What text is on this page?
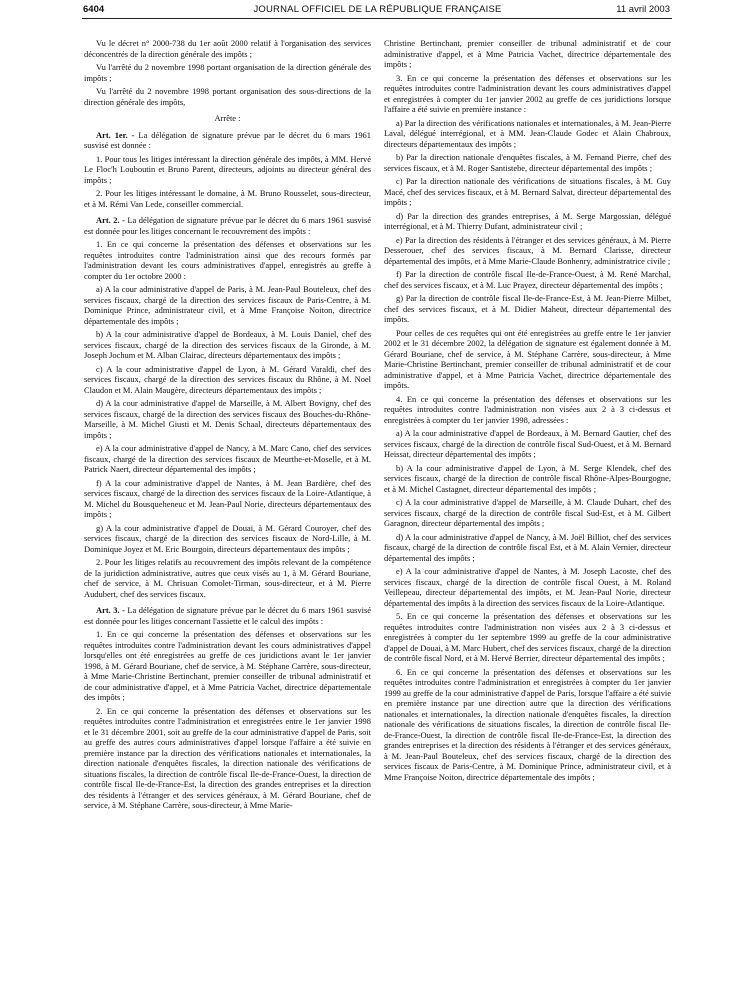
6404	JOURNAL OFFICIEL DE LA RÉPUBLIQUE FRANÇAISE	11 avril 2003

Vu le décret n° 2000-738 du 1er août 2000 relatif à l'organisation des services déconcentrés de la direction générale des impôts ;

Vu l'arrêté du 2 novembre 1998 portant organisation de la direction générale des impôts ;

Vu l'arrêté du 2 novembre 1998 portant organisation des sous-directions de la direction générale des impôts,

Arrête :

Art. 1er. - La délégation de signature prévue par le décret du 6 mars 1961 susvisé est donnée :

1. Pour tous les litiges intéressant la direction générale des impôts, à MM. Hervé Le Floc'h Louboutin et Bruno Parent, directeurs, adjoints au directeur général des impôts ;

2. Pour les litiges intéressant le domaine, à M. Bruno Rousselet, sous-directeur, et à M. Rémi Van Lede, conseiller commercial.

Art. 2. - La délégation de signature prévue par le décret du 6 mars 1961 susvisé est donnée pour les litiges concernant le recouvrement des impôts :

1. En ce qui concerne la présentation des défenses et observations sur les requêtes introduites contre l'administration ainsi que des recours formés par l'administration devant les cours administratives d'appel, enregistrés au greffe à compter du 1er octobre 2000 :

a) A la cour administrative d'appel de Paris, à M. Jean-Paul Bouteleux, chef des services fiscaux, chargé de la direction des services fiscaux de Paris-Centre, à M. Dominique Prince, administrateur civil, et à Mme Françoise Noiton, directrice départementale des impôts ;

b) A la cour administrative d'appel de Bordeaux, à M. Louis Daniel, chef des services fiscaux, chargé de la direction des services fiscaux de la Gironde, à M. Joseph Jochum et M. Alban Clairac, directeurs départementaux des impôts ;

c) A la cour administrative d'appel de Lyon, à M. Gérard Varaldi, chef des services fiscaux, chargé de la direction des services fiscaux du Rhône, à M. Noel Claudon et M. Alain Maugère, directeurs départementaux des impôts ;

d) A la cour administrative d'appel de Marseille, à M. Albert Bovigny, chef des services fiscaux, chargé de la direction des services fiscaux des Bouches-du-Rhône-Marseille, à M. Michel Giusti et M. Denis Schaal, directeurs départementaux des impôts ;

e) A la cour administrative d'appel de Nancy, à M. Marc Cano, chef des services fiscaux, chargé de la direction des services fiscaux de Meurthe-et-Moselle, et à M. Patrick Naert, directeur départemental des impôts ;

f) A la cour administrative d'appel de Nantes, à M. Jean Bardière, chef des services fiscaux, chargé de la direction des services fiscaux de la Loire-Atlantique, à M. Michel du Bousqueheneuc et M. Jean-Paul Norie, directeurs départementaux des impôts ;

g) A la cour administrative d'appel de Douai, à M. Gérard Couroyer, chef des services fiscaux, chargé de la direction des services fiscaux de Nord-Lille, à M. Dominique Joyez et M. Eric Bourgoin, directeurs départementaux des impôts ;

2. Pour les litiges relatifs au recouvrement des impôts relevant de la compétence de la juridiction administrative, autres que ceux visés au 1, à M. Gérard Bouriane, chef de service, à M. Chrisuan Comolet-Tirman, sous-directeur, et à M. Pierre Audubert, chef des services fiscaux.

Art. 3. - La délégation de signature prévue par le décret du 6 mars 1961 susvisé est donnée pour les litiges concernant l'assiette et le calcul des impôts :

1. En ce qui concerne la présentation des défenses et observations sur les requêtes introduites contre l'administration devant les cours administratives d'appel lorsqu'elles ont été enregistrées au greffe de ces juridictions avant le 1er janvier 1998, à M. Gérard Bouriane, chef de service, à M. Stéphane Carrère, sous-directeur, à Mme Marie-Christine Bertinchant, premier conseiller de tribunal administratif et de cour administrative d'appel, et à Mme Patricia Vachet, directrice départementale des impôts ;

2. En ce qui concerne la présentation des défenses et observations sur les requêtes introduites contre l'administration et enregistrées entre le 1er janvier 1998 et le 31 décembre 2001, soit au greffe de la cour administrative d'appel de Paris, soit au greffe des autres cours administratives d'appel lorsque l'affaire a été suivie en première instance par la direction des vérifications nationales et internationales, la direction nationale d'enquêtes fiscales, la direction nationale des vérifications de situations fiscales, la direction de contrôle fiscal Ile-de-France-Ouest, la direction de contrôle fiscal Ile-de-France-Est, la direction des grandes entreprises et la direction des résidents à l'étranger et des services généraux, à M. Gérard Bouriane, chef de service, à M. Stéphane Carrère, sous-directeur, à Mme Marie-

Christine Bertinchant, premier conseiller de tribunal administratif et de cour administrative d'appel, et à Mme Patricia Vachet, directrice départementale des impôts ;

3. En ce qui concerne la présentation des défenses et observations sur les requêtes introduites contre l'administration devant les cours administratives d'appel et enregistrées à compter du 1er janvier 2002 au greffe de ces juridictions lorsque l'affaire a été suivie en première instance :

a) Par la direction des vérifications nationales et internationales, à M. Jean-Pierre Laval, délégué interrégional, et à MM. Jean-Claude Godec et Alain Chabroux, directeurs départementaux des impôts ;

b) Par la direction nationale d'enquêtes fiscales, à M. Fernand Pierre, chef des services fiscaux, et à M. Roger Santistebe, directeur départemental des impôts ;

c) Par la direction nationale des vérifications de situations fiscales, à M. Guy Macé, chef des services fiscaux, et à M. Bernard Salvat, directeur départemental des impôts ;

d) Par la direction des grandes entreprises, à M. Serge Margossian, délégué interrégional, et à M. Thierry Dufant, administrateur civil ;

e) Par la direction des résidents à l'étranger et des services généraux, à M. Pierre Desserouer, chef des services fiscaux, à M. Bernard Clarisse, directeur départemental des impôts, et à Mme Marie-Claude Bonhenry, administratrice civile ;

f) Par la direction de contrôle fiscal Ile-de-France-Ouest, à M. René Marchal, chef des services fiscaux, et à M. Luc Prayez, directeur départemental des impôts ;

g) Par la direction de contrôle fiscal Ile-de-France-Est, à M. Jean-Pierre Milbet, chef des services fiscaux, et à M. Didier Maheut, directeur départemental des impôts.

Pour celles de ces requêtes qui ont été enregistrées au greffe entre le 1er janvier 2002 et le 31 décembre 2002, la délégation de signature est également donnée à M. Gérard Bouriane, chef de service, à M. Stéphane Carrère, sous-directeur, à Mme Marie-Christine Bertinchant, premier conseiller de tribunal administratif et de cour administrative d'appel, et à Mme Patricia Vachet, directrice départementale des impôts.

4. En ce qui concerne la présentation des défenses et observations sur les requêtes introduites contre l'administration non visées aux 2 à 3 ci-dessus et enregistrées à compter du 1er janvier 1998, adressées :

a) A la cour administrative d'appel de Bordeaux, à M. Bernard Gautier, chef des services fiscaux, chargé de la direction de contrôle fiscal Sud-Ouest, et à M. Bernard Heissat, directeur départemental des impôts ;

b) A la cour administrative d'appel de Lyon, à M. Serge Klendek, chef des services fiscaux, chargé de la direction de contrôle fiscal Rhône-Alpes-Bourgogne, et à M. Michel Castagnet, directeur départemental des impôts ;

c) A la cour administrative d'appel de Marseille, à M. Claude Duhart, chef des services fiscaux, chargé de la direction de contrôle fiscal Sud-Est, et à M. Gilbert Garagnon, directeur départemental des impôts ;

d) A la cour administrative d'appel de Nancy, à M. Joël Billiot, chef des services fiscaux, chargé de la direction de contrôle fiscal Est, et à M. Alain Vernier, directeur départemental des impôts ;

e) A la cour administrative d'appel de Nantes, à M. Joseph Lacoste, chef des services fiscaux, chargé de la direction de contrôle fiscal Ouest, à M. Roland Veillepeau, directeur départemental des impôts, et M. Jean-Paul Norie, directeur départemental des impôts à la direction des services fiscaux de la Loire-Atlantique.

5. En ce qui concerne la présentation des défenses et observations sur les requêtes introduites contre l'administration non visées aux 2 à 3 ci-dessus et enregistrées à compter du 1er septembre 1999 au greffe de la cour administrative d'appel de Douai, à M. Marc Hubert, chef des services fiscaux, chargé de la direction de contrôle fiscal Nord, et à M. Hervé Berrier, directeur départemental des impôts ;

6. En ce qui concerne la présentation des défenses et observations sur les requêtes introduites contre l'administration et enregistrées à compter du 1er janvier 1999 au greffe de la cour administrative d'appel de Paris, lorsque l'affaire a été suivie en première instance par une direction autre que la direction des vérifications nationales et internationales, la direction nationale d'enquêtes fiscales, la direction nationale des vérifications de situations fiscales, la direction de contrôle fiscal Ile-de-France-Ouest, la direction de contrôle fiscal Ile-de-France-Est, la direction des grandes entreprises et la direction des résidents à l'étranger et des services généraux, à M. Jean-Paul Bouteleux, chef des services fiscaux, chargé de la direction des services fiscaux de Paris-Centre, à M. Dominique Prince, administrateur civil, et à Mme Françoise Noiton, directrice départementale des impôts ;
